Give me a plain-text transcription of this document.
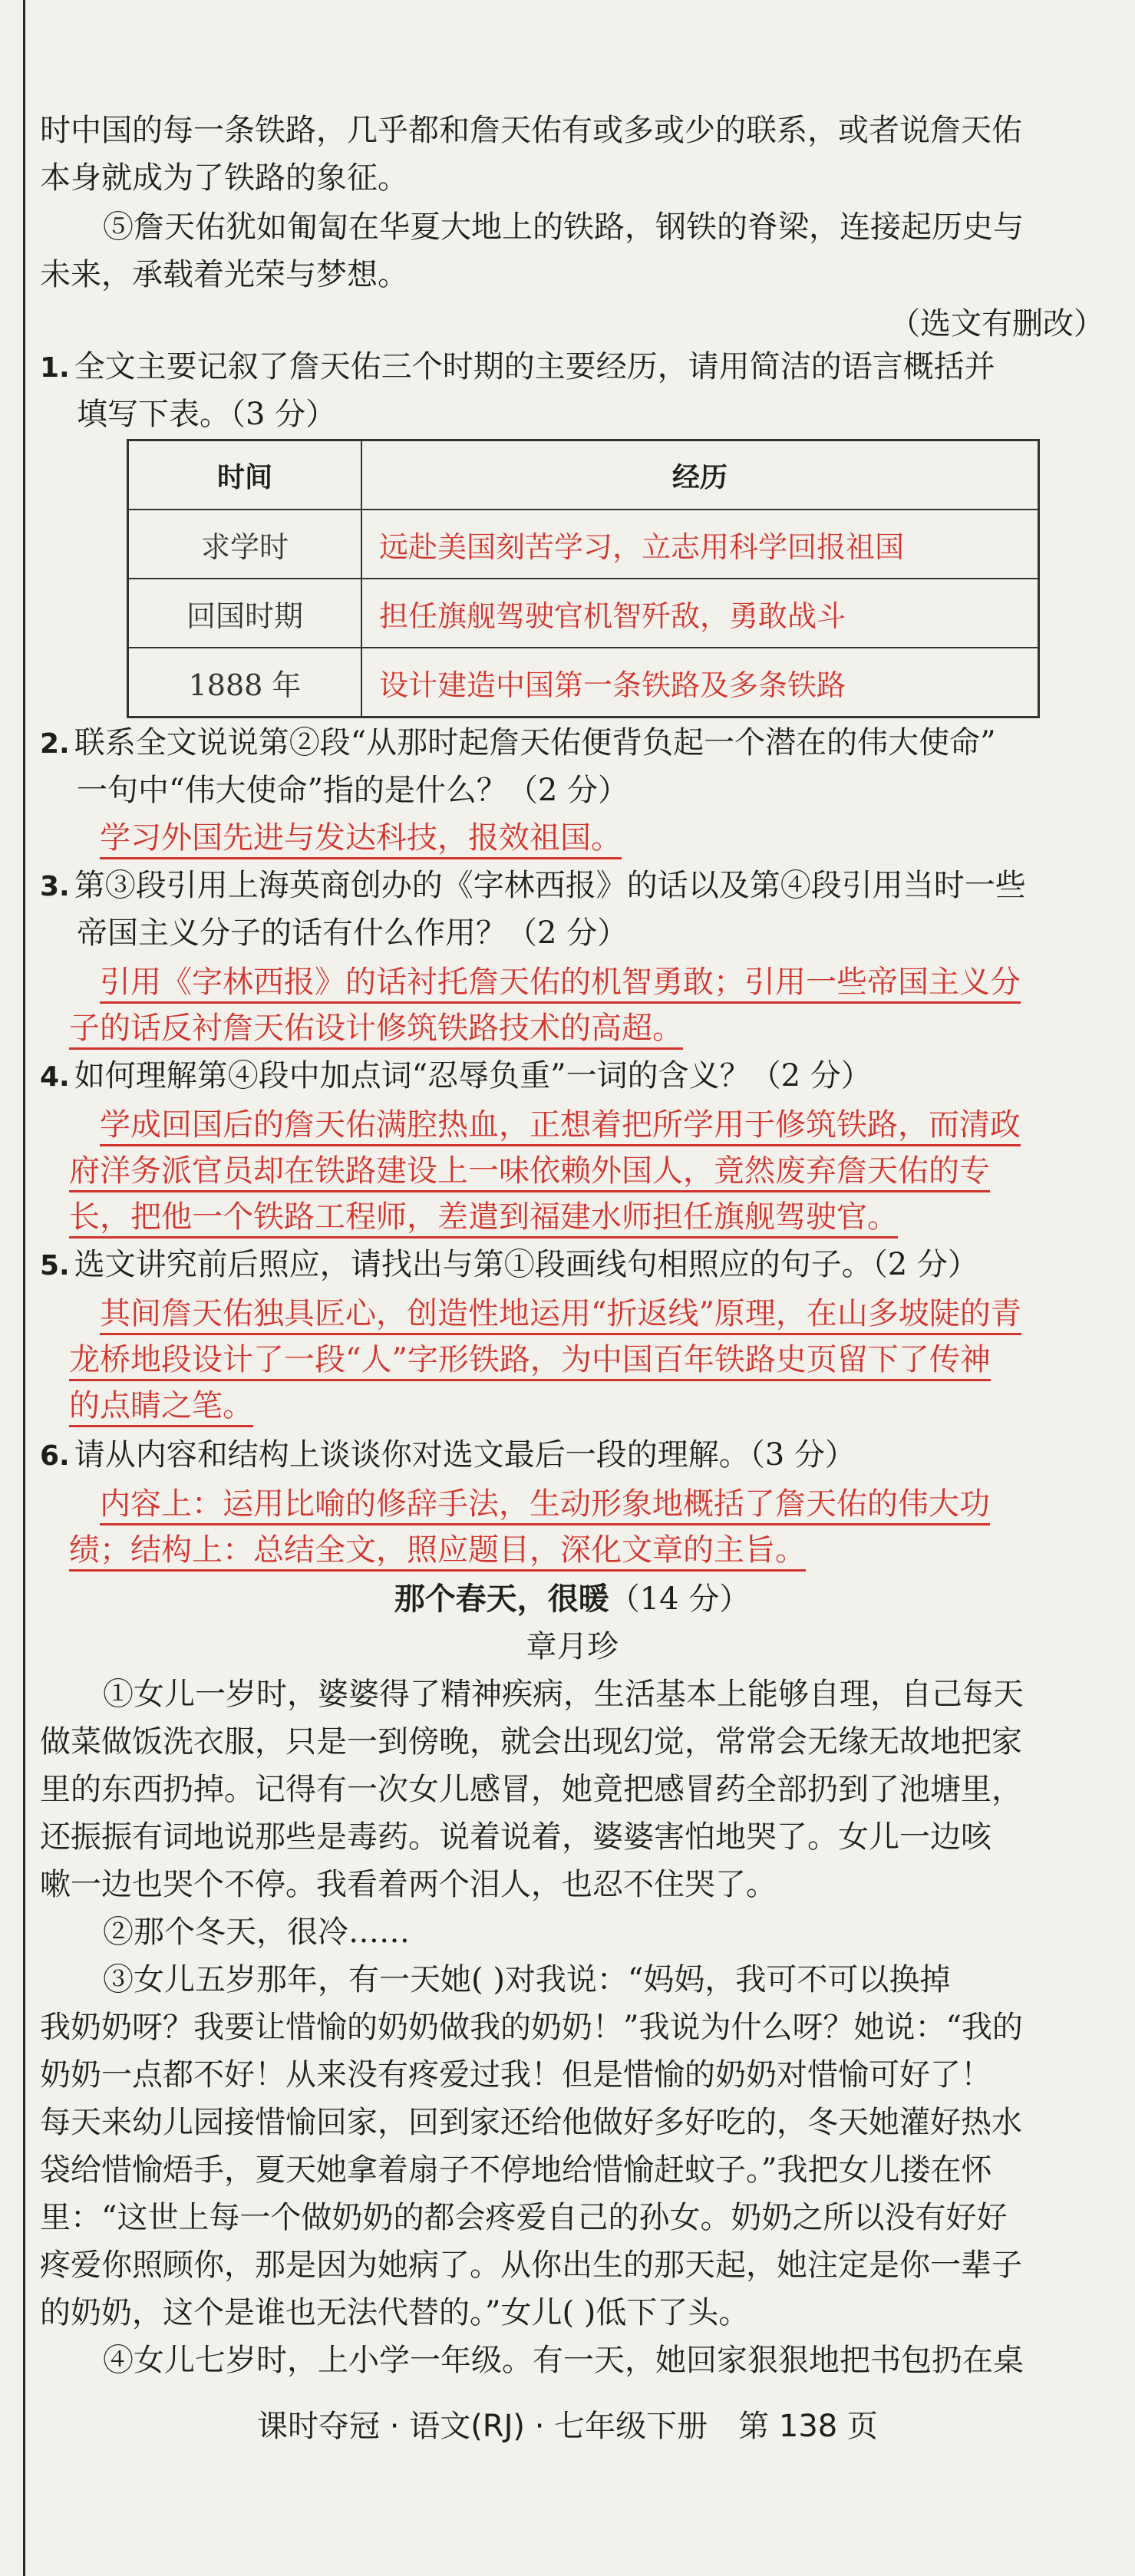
时中国的每一条铁路，几乎都和詹天佑有或多或少的联系，或者说詹天佑
本身就成为了铁路的象征。
⑤詹天佑犹如匍匐在华夏大地上的铁路，钢铁的脊梁，连接起历史与
未来，承载着光荣与梦想。
（选文有删改）
1. 全文主要记叙了詹天佑三个时期的主要经历，请用简洁的语言概括并
填写下表。（3 分）
时间	经历
求学时	远赴美国刻苦学习，立志用科学回报祖国
回国时期	担任旗舰驾驶官机智歼敌，勇敢战斗
1888 年	设计建造中国第一条铁路及多条铁路
2. 联系全文说说第②段“从那时起詹天佑便背负起一个潜在的伟大使命”
一句中“伟大使命”指的是什么？（2 分）
学习外国先进与发达科技，报效祖国。
3. 第③段引用上海英商创办的《字林西报》的话以及第④段引用当时一些
帝国主义分子的话有什么作用？（2 分）
引用《字林西报》的话衬托詹天佑的机智勇敢；引用一些帝国主义分
子的话反衬詹天佑设计修筑铁路技术的高超。
4. 如何理解第④段中加点词“忍辱负重”一词的含义？（2 分）
学成回国后的詹天佑满腔热血，正想着把所学用于修筑铁路，而清政
府洋务派官员却在铁路建设上一味依赖外国人，竟然废弃詹天佑的专
长，把他一个铁路工程师，差遣到福建水师担任旗舰驾驶官。
5. 选文讲究前后照应，请找出与第①段画线句相照应的句子。（2 分）
其间詹天佑独具匠心，创造性地运用“折返线”原理，在山多坡陡的青
龙桥地段设计了一段“人”字形铁路，为中国百年铁路史页留下了传神
的点睛之笔。
6. 请从内容和结构上谈谈你对选文最后一段的理解。（3 分）
内容上：运用比喻的修辞手法，生动形象地概括了詹天佑的伟大功
绩；结构上：总结全文，照应题目，深化文章的主旨。
那个春天，很暖（14 分）
章月珍
①女儿一岁时，婆婆得了精神疾病，生活基本上能够自理，自己每天
做菜做饭洗衣服，只是一到傍晚，就会出现幻觉，常常会无缘无故地把家
里的东西扔掉。记得有一次女儿感冒，她竟把感冒药全部扔到了池塘里，
还振振有词地说那些是毒药。说着说着，婆婆害怕地哭了。女儿一边咳
嗽一边也哭个不停。我看着两个泪人，也忍不住哭了。
②那个冬天，很冷……
③女儿五岁那年，有一天她( )对我说：“妈妈，我可不可以换掉
我奶奶呀？我要让惜愉的奶奶做我的奶奶！”我说为什么呀？她说：“我的
奶奶一点都不好！从来没有疼爱过我！但是惜愉的奶奶对惜愉可好了！
每天来幼儿园接惜愉回家，回到家还给他做好多好吃的，冬天她灌好热水
袋给惜愉焐手，夏天她拿着扇子不停地给惜愉赶蚊子。”我把女儿搂在怀
里：“这世上每一个做奶奶的都会疼爱自己的孙女。奶奶之所以没有好好
疼爱你照顾你，那是因为她病了。从你出生的那天起，她注定是你一辈子
的奶奶，这个是谁也无法代替的。”女儿( )低下了头。
④女儿七岁时，上小学一年级。有一天，她回家狠狠地把书包扔在桌
课时夺冠 · 语文(RJ) · 七年级下册　第 138 页
